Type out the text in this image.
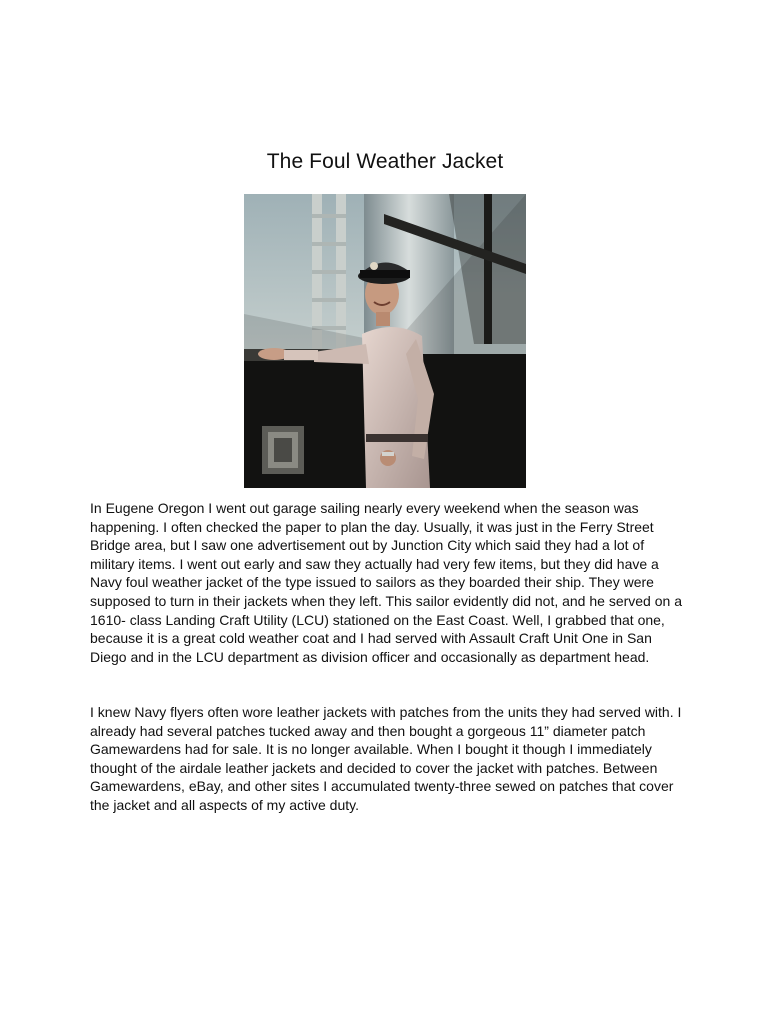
The Foul Weather Jacket

In Eugene Oregon I went out garage sailing nearly every weekend when the season was happening. I often checked the paper to plan the day. Usually, it was just in the Ferry Street Bridge area, but I saw one advertisement out by Junction City which said they had a lot of military items. I went out early and saw they actually had very few items, but they did have a Navy foul weather jacket of the type issued to sailors as they boarded their ship. They were supposed to turn in their jackets when they left. This sailor evidently did not, and he served on a 1610- class Landing Craft Utility (LCU) stationed on the East Coast. Well, I grabbed that one, because it is a great cold weather coat and I had served with Assault Craft Unit One in San Diego and in the LCU department as division officer and occasionally as department head.

I knew Navy flyers often wore leather jackets with patches from the units they had served with. I already had several patches tucked away and then bought a gorgeous 11” diameter patch Gamewardens had for sale. It is no longer available. When I bought it though I immediately thought of the airdale leather jackets and decided to cover the jacket with patches. Between Gamewardens, eBay, and other sites I accumulated twenty-three sewed on patches that cover the jacket and all aspects of my active duty.
